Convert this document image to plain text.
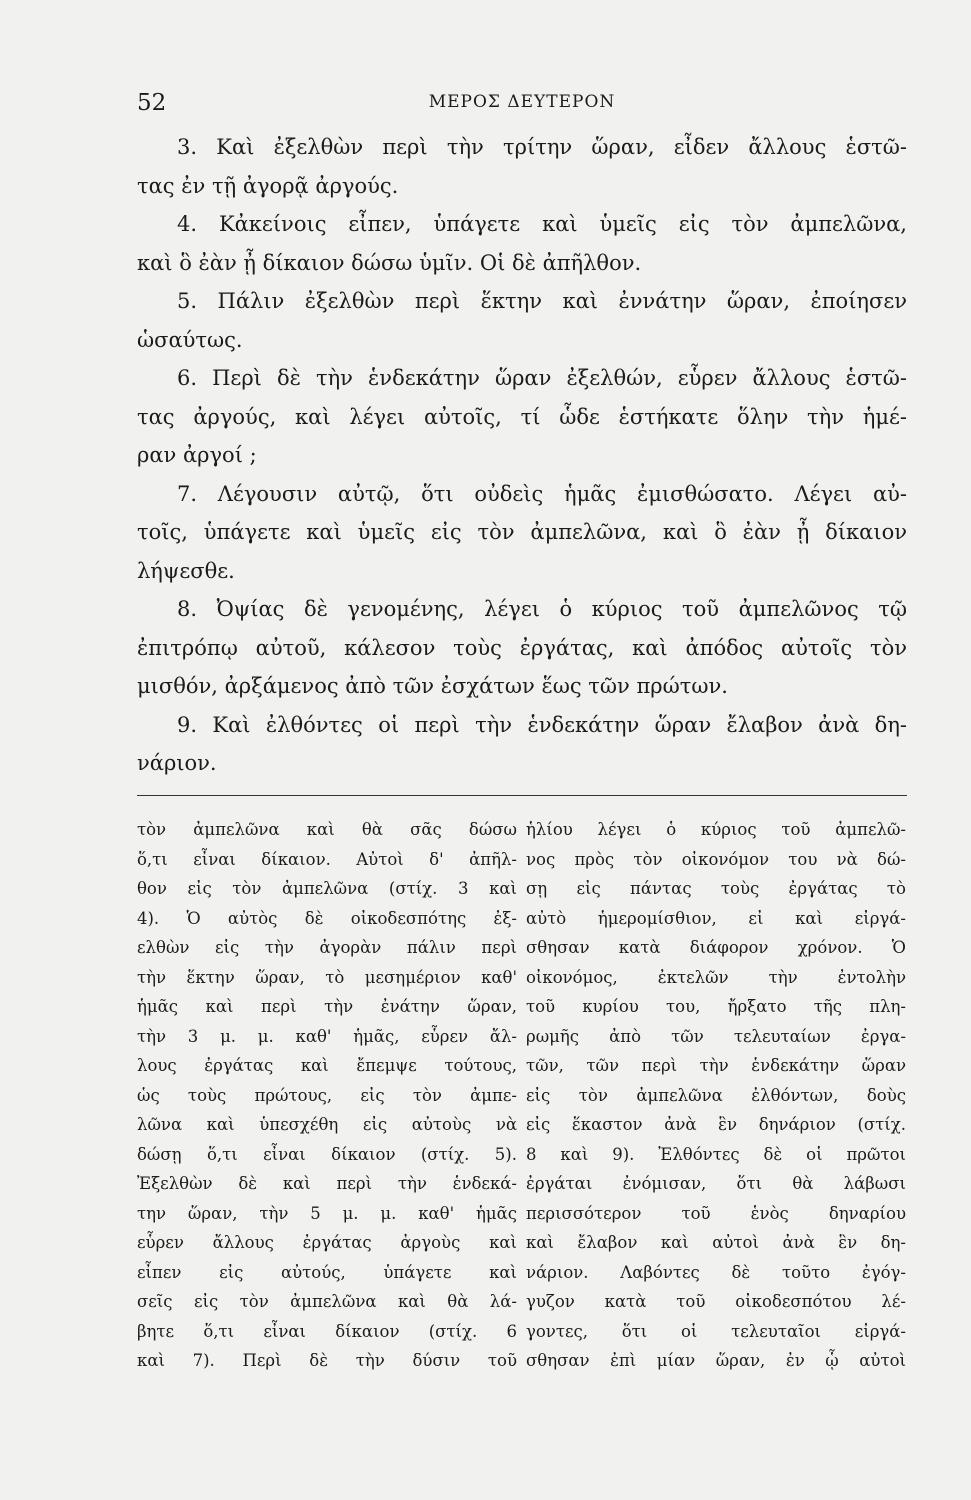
52	ΜΕΡΟΣ ΔΕΥΤΕΡΟΝ
3. Καὶ ἐξελθὼν περὶ τὴν τρίτην ὥραν, εἶδεν ἄλλους ἑστῶ-
τας ἐν τῇ ἀγορᾷ ἀργούς.
4. Κἀκείνοις εἶπεν, ὑπάγετε καὶ ὑμεῖς εἰς τὸν ἀμπελῶνα,
καὶ ὃ ἐὰν ᾖ δίκαιον δώσω ὑμῖν. Οἱ δὲ ἀπῆλθον.
5. Πάλιν ἐξελθὼν περὶ ἕκτην καὶ ἐννάτην ὥραν, ἐποίησεν
ὡσαύτως.
6. Περὶ δὲ τὴν ἑνδεκάτην ὥραν ἐξελθών, εὗρεν ἄλλους ἑστῶ-
τας ἀργούς, καὶ λέγει αὐτοῖς, τί ὧδε ἑστήκατε ὅλην τὴν ἡμέ-
ραν ἀργοί ;
7. Λέγουσιν αὐτῷ, ὅτι οὐδεὶς ἡμᾶς ἐμισθώσατο. Λέγει αὐ-
τοῖς, ὑπάγετε καὶ ὑμεῖς εἰς τὸν ἀμπελῶνα, καὶ ὃ ἐὰν ᾖ δίκαιον
λήψεσθε.
8. Ὀψίας δὲ γενομένης, λέγει ὁ κύριος τοῦ ἀμπελῶνος τῷ
ἐπιτρόπῳ αὐτοῦ, κάλεσον τοὺς ἐργάτας, καὶ ἀπόδος αὐτοῖς τὸν
μισθόν, ἀρξάμενος ἀπὸ τῶν ἐσχάτων ἕως τῶν πρώτων.
9. Καὶ ἐλθόντες οἱ περὶ τὴν ἑνδεκάτην ὥραν ἔλαβον ἀνὰ δη-
νάριον.
τὸν ἀμπελῶνα καὶ θὰ σᾶς δώσω
ὅ,τι εἶναι δίκαιον. Αὐτοὶ δ' ἀπῆλ-
θον εἰς τὸν ἀμπελῶνα (στίχ. 3 καὶ
4). Ὁ αὐτὸς δὲ οἰκοδεσπότης ἐξ-
ελθὼν εἰς τὴν ἀγορὰν πάλιν περὶ
τὴν ἕκτην ὥραν, τὸ μεσημέριον καθ'
ἡμᾶς καὶ περὶ τὴν ἐνάτην ὥραν,
τὴν 3 μ. μ. καθ' ἡμᾶς, εὗρεν ἄλ-
λους ἐργάτας καὶ ἔπεμψε τούτους,
ὡς τοὺς πρώτους, εἰς τὸν ἀμπε-
λῶνα καὶ ὑπεσχέθη εἰς αὐτοὺς νὰ
δώσῃ ὅ,τι εἶναι δίκαιον (στίχ. 5).
Ἐξελθὼν δὲ καὶ περὶ τὴν ἑνδεκά-
την ὥραν, τὴν 5 μ. μ. καθ' ἡμᾶς
εὗρεν ἄλλους ἐργάτας ἀργοὺς καὶ
εἶπεν εἰς αὐτούς, ὑπάγετε καὶ
σεῖς εἰς τὸν ἀμπελῶνα καὶ θὰ λά-
βητε ὅ,τι εἶναι δίκαιον (στίχ. 6
καὶ 7). Περὶ δὲ τὴν δύσιν τοῦ
ἡλίου λέγει ὁ κύριος τοῦ ἀμπελῶ-
νος πρὸς τὸν οἰκονόμον του νὰ δώ-
σῃ εἰς πάντας τοὺς ἐργάτας τὸ
αὐτὸ ἡμερομίσθιον, εἰ καὶ εἰργά-
σθησαν κατὰ διάφορον χρόνον. Ὁ
οἰκονόμος, ἐκτελῶν τὴν ἐντολὴν
τοῦ κυρίου του, ἤρξατο τῆς πλη-
ρωμῆς ἀπὸ τῶν τελευταίων ἐργα-
τῶν, τῶν περὶ τὴν ἑνδεκάτην ὥραν
εἰς τὸν ἀμπελῶνα ἐλθόντων, δοὺς
εἰς ἕκαστον ἀνὰ ἓν δηνάριον (στίχ.
8 καὶ 9). Ἐλθόντες δὲ οἱ πρῶτοι
ἐργάται ἐνόμισαν, ὅτι θὰ λάβωσι
περισσότερον τοῦ ἑνὸς δηναρίου
καὶ ἔλαβον καὶ αὐτοὶ ἀνὰ ἓν δη-
νάριον. Λαβόντες δὲ τοῦτο ἐγόγ-
γυζον κατὰ τοῦ οἰκοδεσπότου λέ-
γοντες, ὅτι οἱ τελευταῖοι εἰργά-
σθησαν ἐπὶ μίαν ὥραν, ἐν ᾧ αὐτοὶ
